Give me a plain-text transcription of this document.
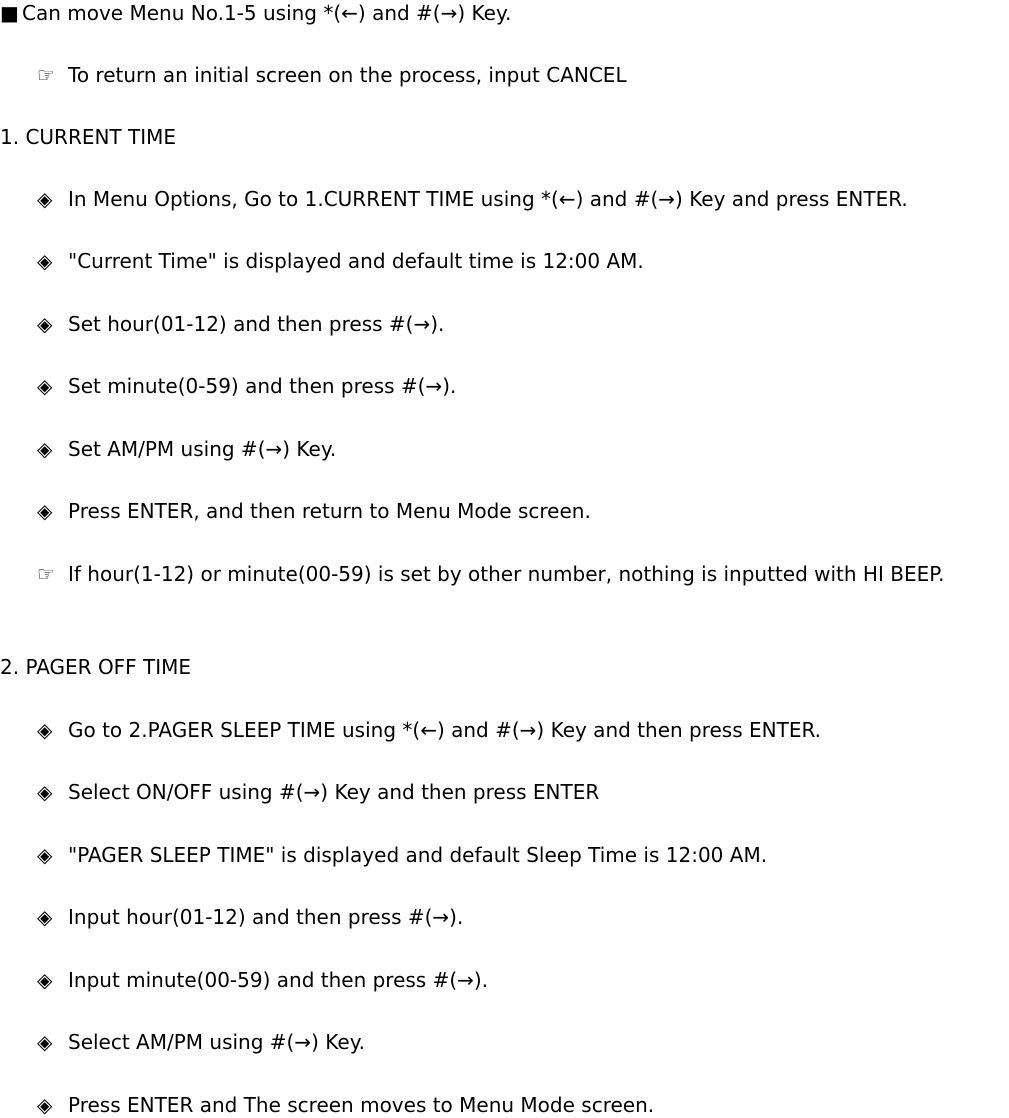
■ Can move Menu No.1-5 using *(←) and #(→) Key.
☞ To return an initial screen on the process, input CANCEL
1. CURRENT TIME
◈ In Menu Options, Go to 1.CURRENT TIME using *(←) and #(→) Key and press ENTER.
◈ "Current Time" is displayed and default time is 12:00 AM.
◈ Set hour(01-12) and then press #(→).
◈ Set minute(0-59) and then press #(→).
◈ Set AM/PM using #(→) Key.
◈ Press ENTER, and then return to Menu Mode screen.
☞ If hour(1-12) or minute(00-59) is set by other number, nothing is inputted with HI BEEP.
2. PAGER OFF TIME
◈ Go to 2.PAGER SLEEP TIME using *(←) and #(→) Key and then press ENTER.
◈ Select ON/OFF using #(→) Key and then press ENTER
◈ "PAGER SLEEP TIME" is displayed and default Sleep Time is 12:00 AM.
◈ Input hour(01-12) and then press #(→).
◈ Input minute(00-59) and then press #(→).
◈ Select AM/PM using #(→) Key.
◈ Press ENTER and The screen moves to Menu Mode screen.
